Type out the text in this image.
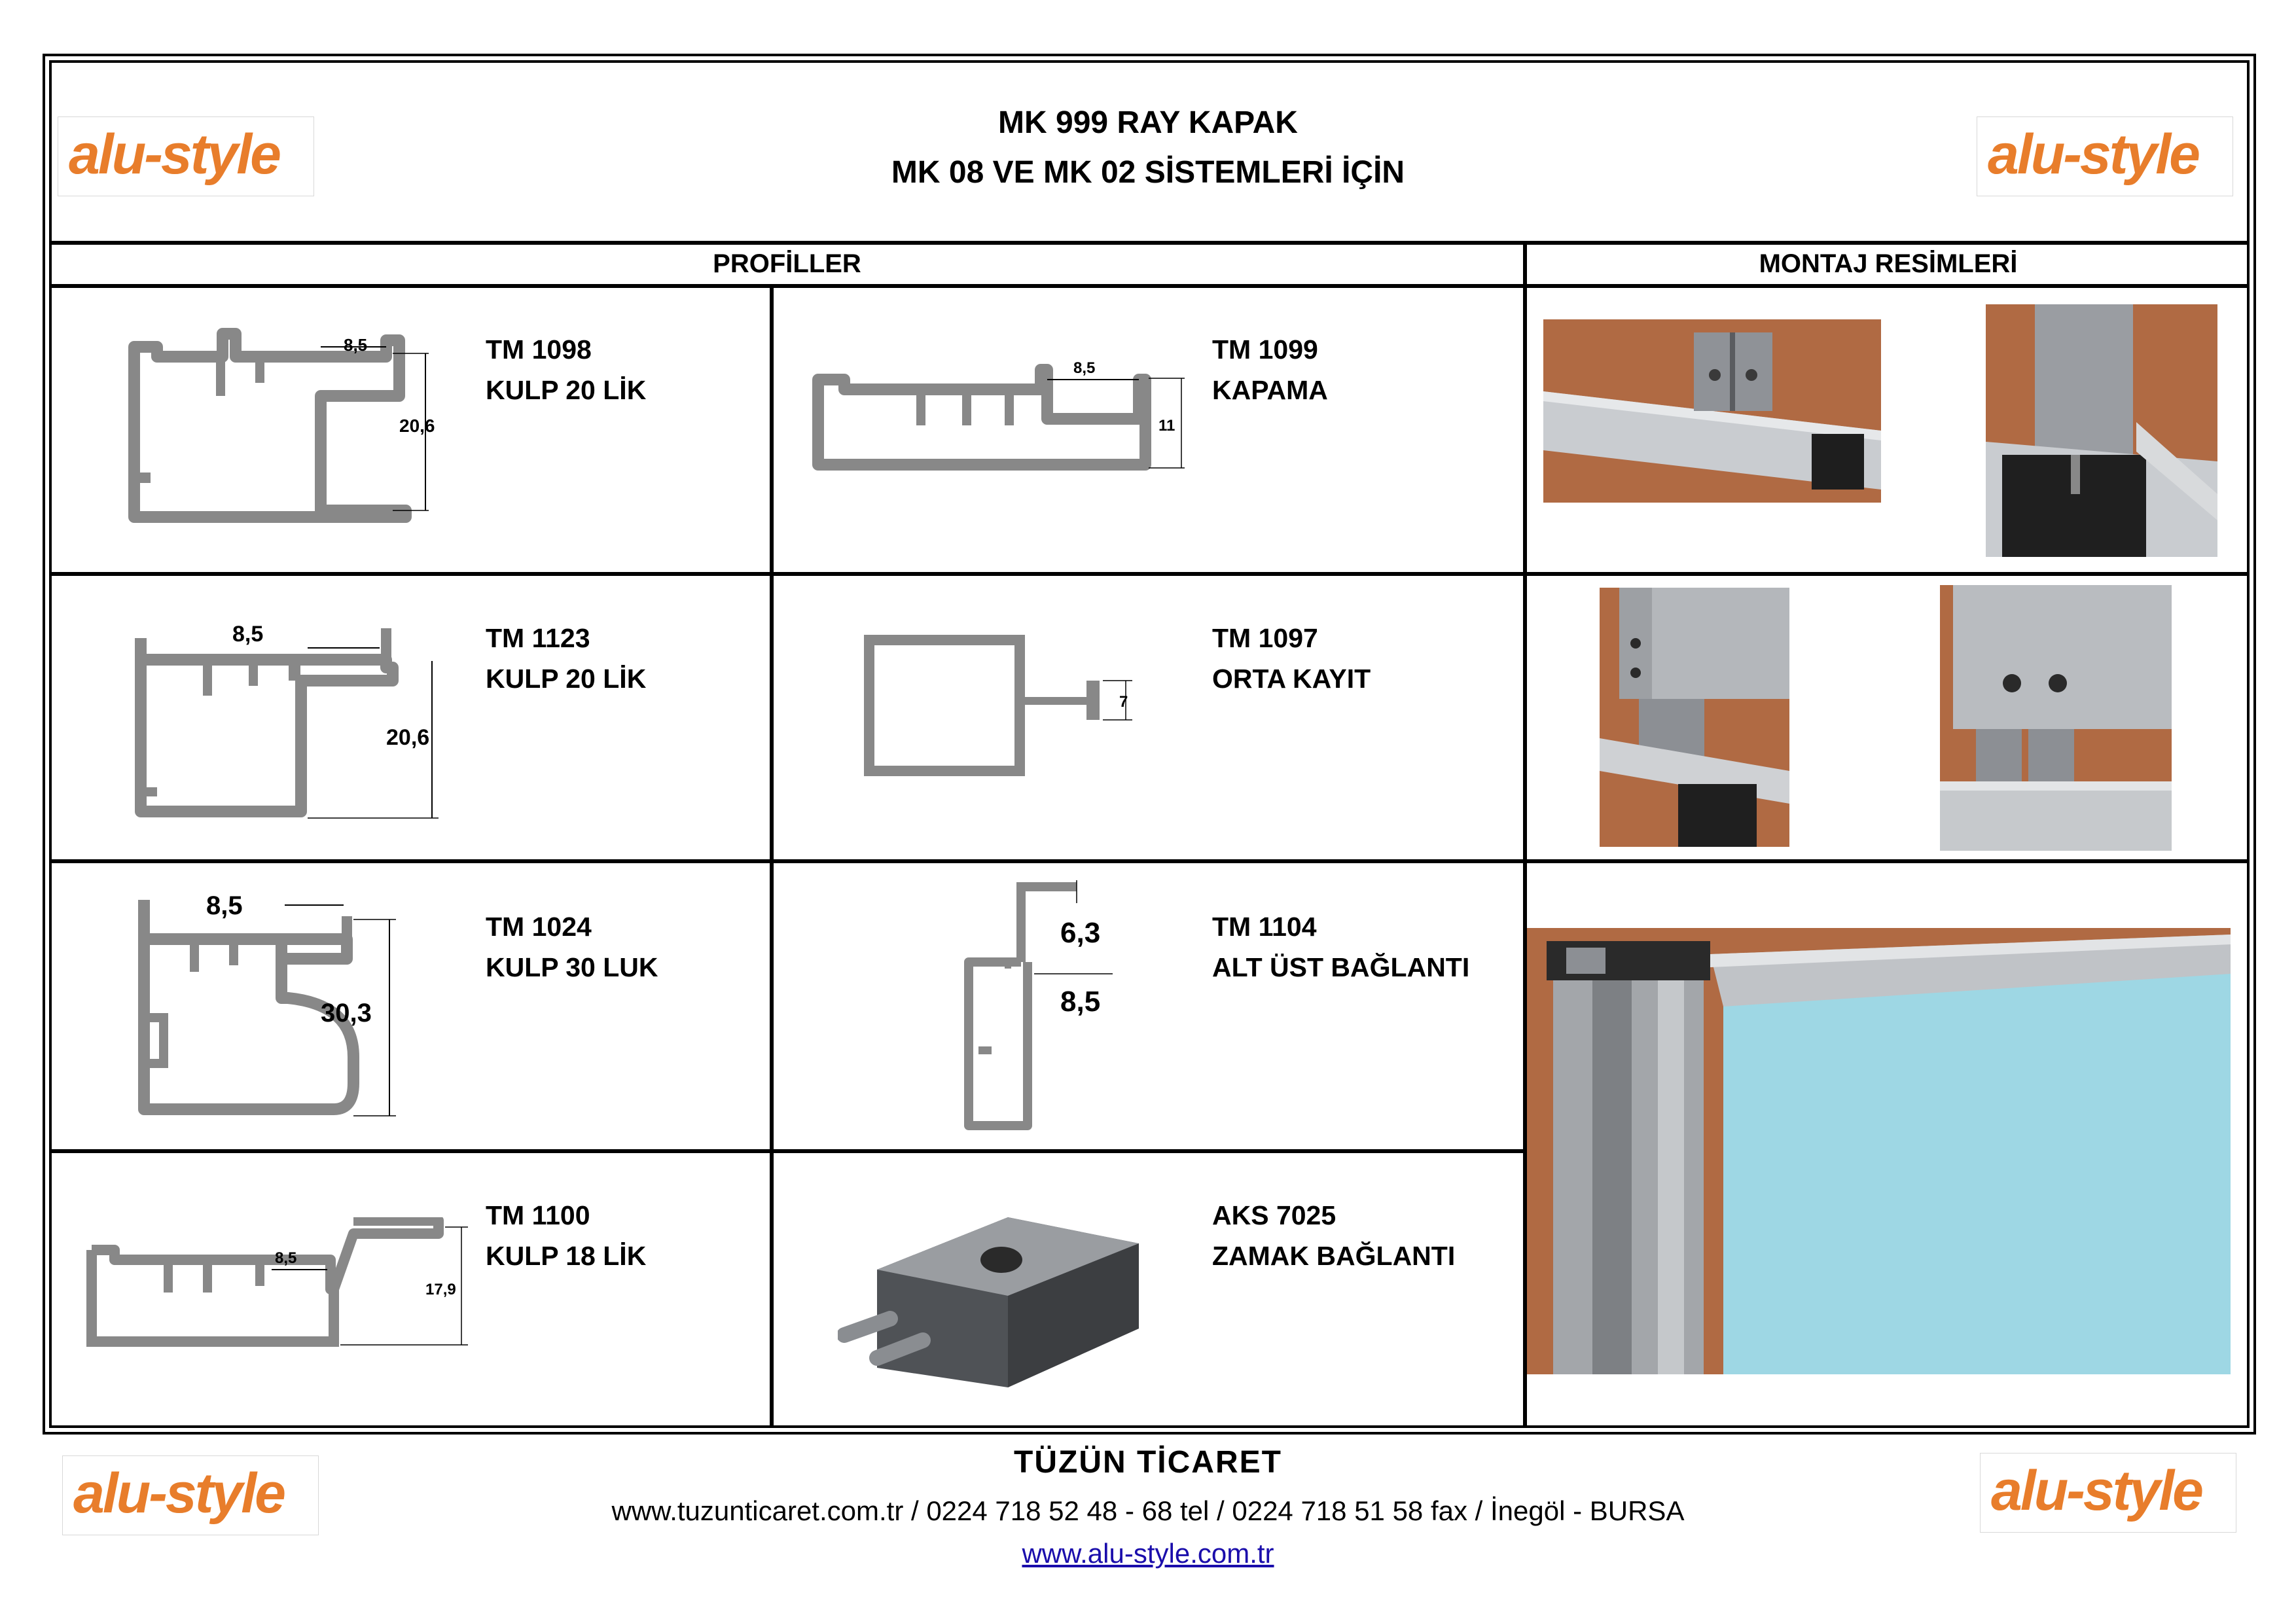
alu-style	alu-style
MK 999 RAY KAPAK
MK 08 VE MK 02 SİSTEMLERİ İÇİN
PROFİLLER	MONTAJ RESİMLERİ
8,5
20,6
TM 1098
KULP 20 LİK
8,5
11
TM 1099
KAPAMA
8,5
20,6
TM 1123
KULP 20 LİK
7
TM 1097
ORTA KAYIT
8,5
30,3
TM 1024
KULP 30 LUK
6,3
8,5
TM 1104
ALT ÜST BAĞLANTI
8,5
17,9
TM 1100
KULP 18 LİK
AKS 7025
ZAMAK BAĞLANTI
alu-style	alu-style
TÜZÜN TİCARET
www.tuzunticaret.com.tr / 0224 718 52 48 - 68 tel / 0224 718 51 58 fax / İnegöl - BURSA
www.alu-style.com.tr
